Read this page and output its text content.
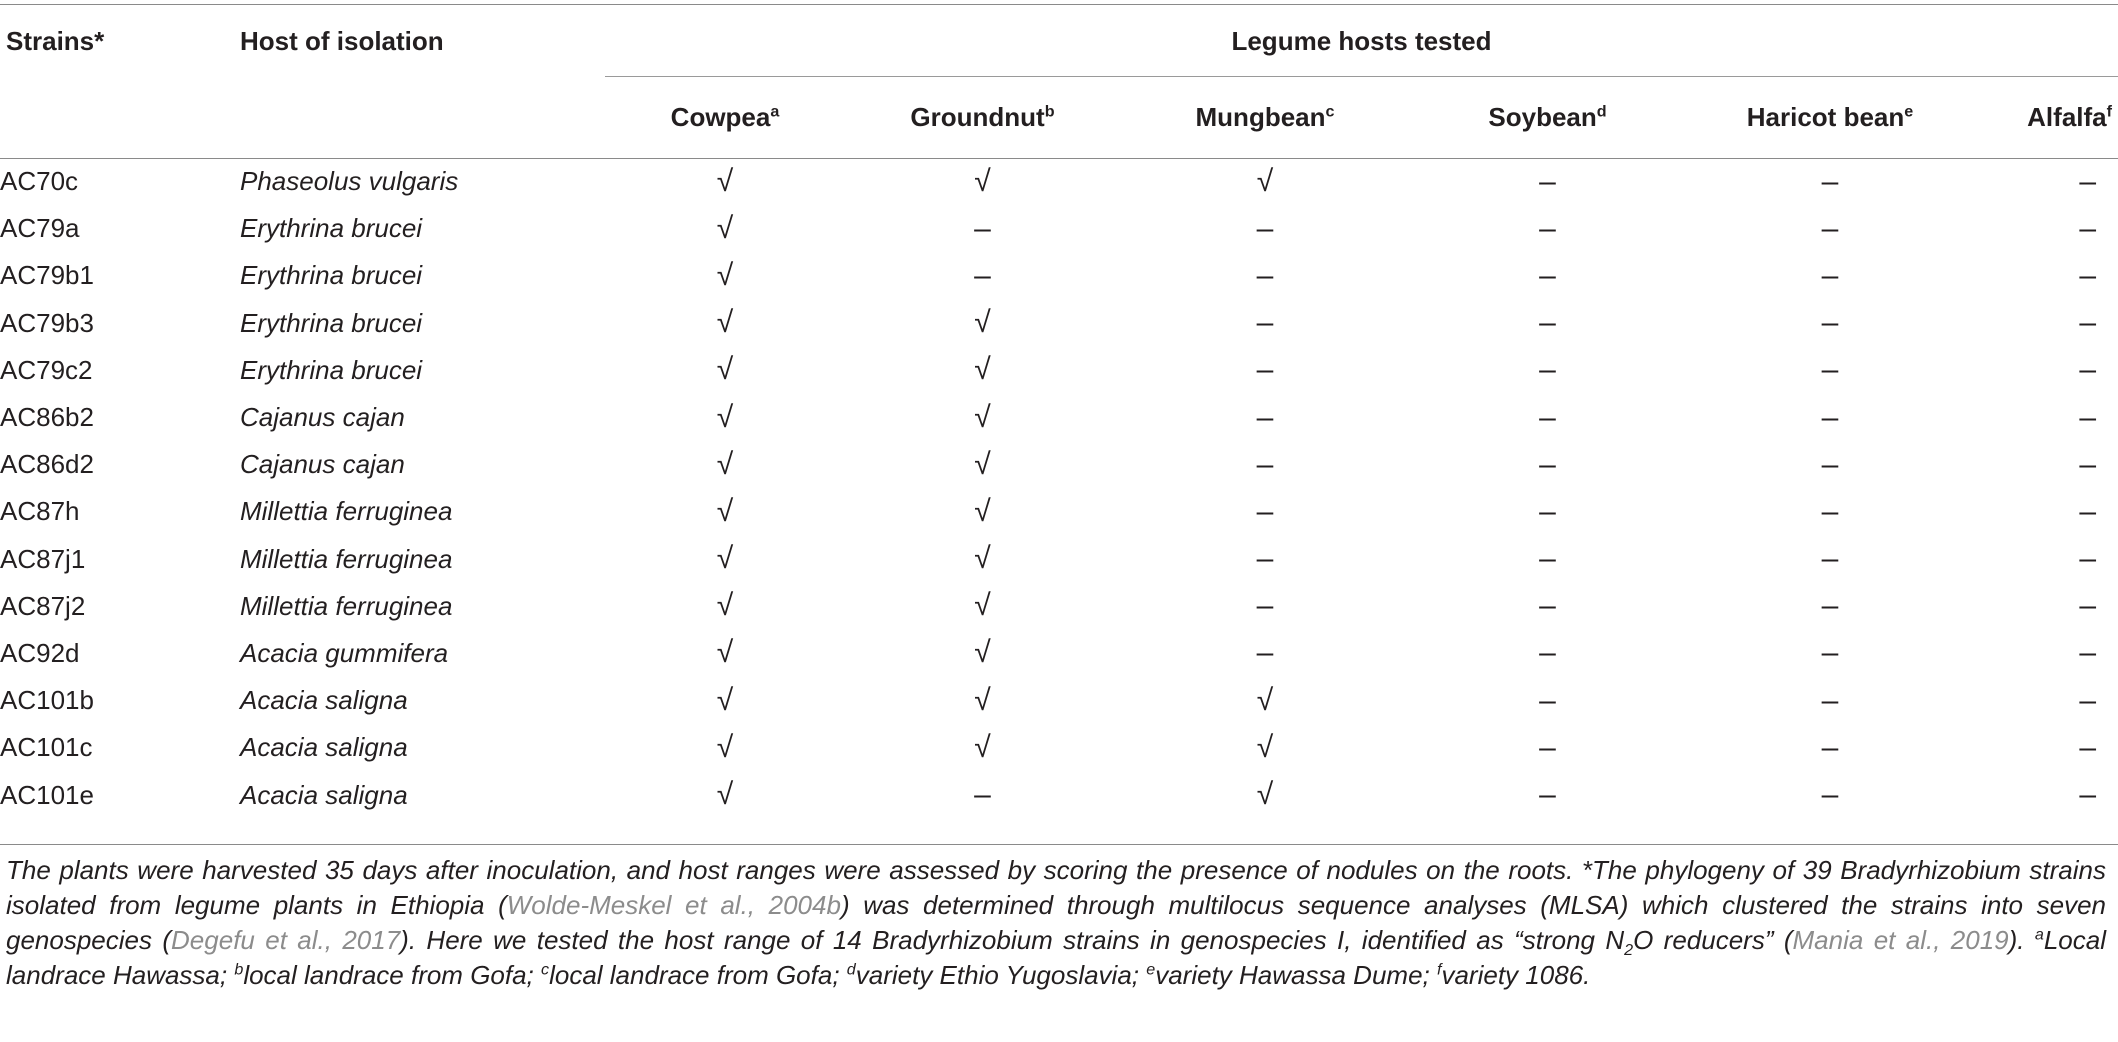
Strains*	Host of isolation	Legume hosts tested					
		Cowpea$^a$	Groundnut$^b$	Mungbean$^c$	Soybean$^d$	Haricot bean$^e$	Alfalfa$^f$
AC70c	Phaseolus vulgaris	√	√	√	–	–	–
AC79a	Erythrina brucei	√	–	–	–	–	–
AC79b1	Erythrina brucei	√	–	–	–	–	–
AC79b3	Erythrina brucei	√	√	–	–	–	–
AC79c2	Erythrina brucei	√	√	–	–	–	–
AC86b2	Cajanus cajan	√	√	–	–	–	–
AC86d2	Cajanus cajan	√	√	–	–	–	–
AC87h	Millettia ferruginea	√	√	–	–	–	–
AC87j1	Millettia ferruginea	√	√	–	–	–	–
AC87j2	Millettia ferruginea	√	√	–	–	–	–
AC92d	Acacia gummifera	√	√	–	–	–	–
AC101b	Acacia saligna	√	√	√	–	–	–
AC101c	Acacia saligna	√	√	√	–	–	–
AC101e	Acacia saligna	√	–	√	–	–	–
The plants were harvested 35 days after inoculation, and host ranges were assessed by scoring the presence of nodules on the roots. *The phylogeny of 39 Bradyrhizobium strains isolated from legume plants in Ethiopia (Wolde-Meskel et al., 2004b) was determined through multilocus sequence analyses (MLSA) which clustered the strains into seven genospecies (Degefu et al., 2017). Here we tested the host range of 14 Bradyrhizobium strains in genospecies I, identified as “strong $N_2O$ reducers” (Mania et al., 2019). $^a$Local landrace Hawassa; $^b$local landrace from Gofa; $^c$local landrace from Gofa; $^d$variety Ethio Yugoslavia; $^e$variety Hawassa Dume; $^f$variety 1086.
